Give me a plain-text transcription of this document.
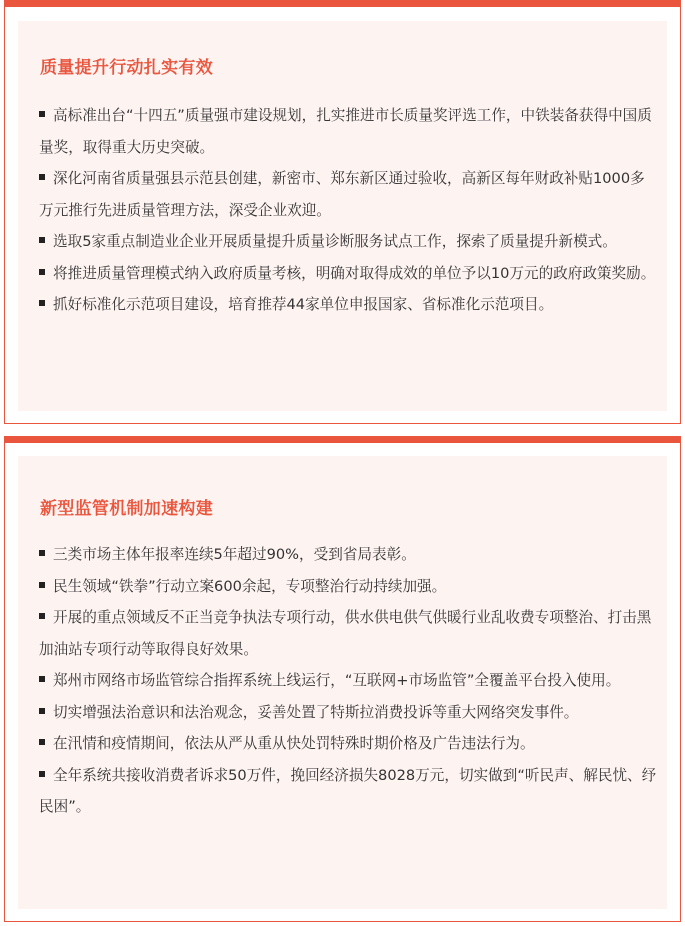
质量提升行动扎实有效
高标准出台“十四五”质量强市建设规划，扎实推进市长质量奖评选工作，中铁装备获得中国质量奖，取得重大历史突破。
深化河南省质量强县示范县创建，新密市、郑东新区通过验收，高新区每年财政补贴1000多万元推行先进质量管理方法，深受企业欢迎。
选取5家重点制造业企业开展质量提升质量诊断服务试点工作，探索了质量提升新模式。
将推进质量管理模式纳入政府质量考核，明确对取得成效的单位予以10万元的政府政策奖励。
抓好标准化示范项目建设，培育推荐44家单位申报国家、省标准化示范项目。
新型监管机制加速构建
三类市场主体年报率连续5年超过90%，受到省局表彰。
民生领域“铁拳”行动立案600余起，专项整治行动持续加强。
开展的重点领域反不正当竞争执法专项行动，供水供电供气供暖行业乱收费专项整治、打击黑加油站专项行动等取得良好效果。
郑州市网络市场监管综合指挥系统上线运行，“互联网+市场监管”全覆盖平台投入使用。
切实增强法治意识和法治观念，妥善处置了特斯拉消费投诉等重大网络突发事件。
在汛情和疫情期间，依法从严从重从快处罚特殊时期价格及广告违法行为。
全年系统共接收消费者诉求50万件，挽回经济损失8028万元，切实做到“听民声、解民忧、纾民困”。
